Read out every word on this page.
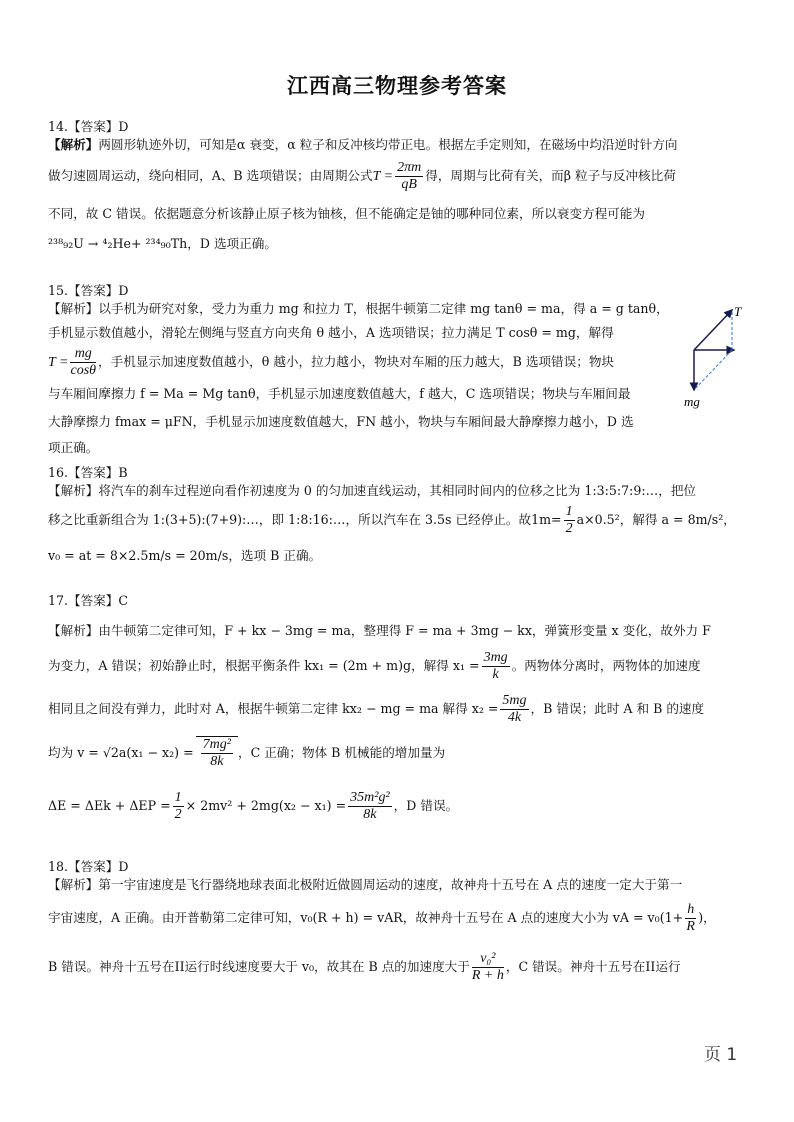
江西高三物理参考答案
14.【答案】D
【解析】两圆形轨迹外切，可知是α 衰变，α 粒子和反冲核均带正电。根据左手定则知，在磁场中均沿逆时针方向
做匀速圆周运动，绕向相同，A、B 选项错误；由周期公式$T = \frac{2\pi m}{qB}$ 得，周期与比荷有关，而β 粒子与反冲核比荷
不同，故 C 错误。依据题意分析该静止原子核为铀核，但不能确定是铀的哪种同位素，所以衰变方程可能为
²³⁸₉₂U → ⁴₂He+ ²³⁴₉₀Th，D 选项正确。
15.【答案】D
【解析】以手机为研究对象，受力为重力 mg 和拉力 T，根据牛顿第二定律 mg tanθ = ma，得 a = g tanθ，
手机显示数值越小，滑轮左侧绳与竖直方向夹角 θ 越小，A 选项错误；拉力满足 T cosθ = mg，解得
$T = \frac{mg}{\cos\theta}$ ，手机显示加速度数值越小，θ 越小，拉力越小，物块对车厢的压力越大，B 选项错误；物块
与车厢间摩擦力 f = Ma = Mg tanθ，手机显示加速度数值越大，f 越大，C 选项错误；物块与车厢间最
大静摩擦力 fmax = μFN，手机显示加速度数值越大，FN 越小，物块与车厢间最大静摩擦力越小，D 选
项正确。
T
mg
16.【答案】B
【解析】将汽车的刹车过程逆向看作初速度为 0 的匀加速直线运动，其相同时间内的位移之比为 1:3:5:7:9:…，把位
移之比重新组合为 1:(3+5):(7+9):…，即 1:8:16:…，所以汽车在 3.5s 已经停止。故$1m= \frac{1}{2} a\times 0.5^2$，解得 a = 8m/s²，
v₀ = at = 8×2.5m/s = 20m/s，选项 B 正确。
17.【答案】C
【解析】由牛顿第二定律可知，F + kx − 3mg = ma，整理得 F = ma + 3mg − kx，弹簧形变量 x 变化，故外力 F
为变力，A 错误；初始静止时，根据平衡条件 kx₁ = (2m + m)g，解得 $x_1 = \frac{3mg}{k}$ 。两物体分离时，两物体的加速度
相同且之间没有弹力，此时对 A，根据牛顿第二定律 kx₂ − mg = ma 解得 $x_2 = \frac{5mg}{4k}$ ，B 错误；此时 A 和 B 的速度
均为 $v = √2a(x_1 - x_2) = \frac{\text{7mg²}}{8k}$ ，C 正确；物体 B 机械能的增加量为
$\Delta E = \Delta Ek + \Delta EP = \frac{1}{2} \times 2mv^2 + 2mg(x_2 - x_1) = \frac{\text{35m²g²}}{8k}$ ，D 错误。
18.【答案】D
【解析】第一宇宙速度是飞行器绕地球表面北极附近做圆周运动的速度，故神舟十五号在 A 点的速度一定大于第一
宇宙速度，A 正确。由开普勒第二定律可知，v₀(R + h) = vAR，故神舟十五号在 A 点的速度大小为 vA = $v_0(1+ \frac{h}{R}$ )，
B 错误。神舟十五号在II运行时线速度要大于 v₀，故其在 B 点的加速度大于 $\frac{\text{v₀²}}{R + h}$ ，C 错误。神舟十五号在II运行
页 1
